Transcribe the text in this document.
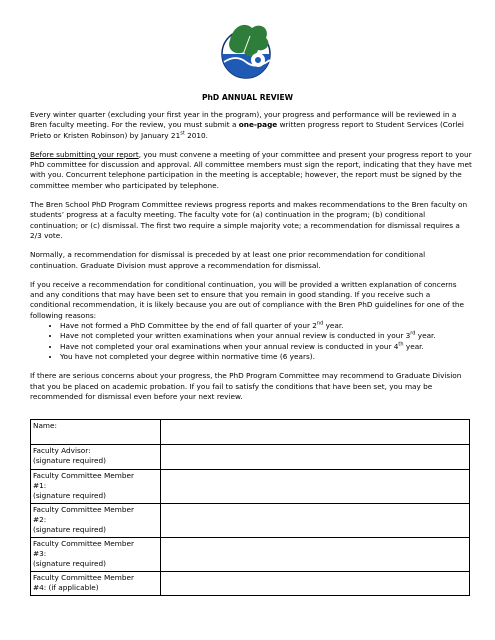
PhD ANNUAL REVIEW

Every winter quarter (excluding your first year in the program), your progress and performance will be reviewed in a Bren faculty meeting. For the review, you must submit a one-page written progress report to Student Services (Corlei Prieto or Kristen Robinson) by January 21st 2010.

Before submitting your report, you must convene a meeting of your committee and present your progress report to your PhD committee for discussion and approval. All committee members must sign the report, indicating that they have met with you. Concurrent telephone participation in the meeting is acceptable; however, the report must be signed by the committee member who participated by telephone.

The Bren School PhD Program Committee reviews progress reports and makes recommendations to the Bren faculty on students’ progress at a faculty meeting. The faculty vote for (a) continuation in the program; (b) conditional continuation; or (c) dismissal. The first two require a simple majority vote; a recommendation for dismissal requires a 2/3 vote.

Normally, a recommendation for dismissal is preceded by at least one prior recommendation for conditional continuation. Graduate Division must approve a recommendation for dismissal.

If you receive a recommendation for conditional continuation, you will be provided a written explanation of concerns and any conditions that may have been set to ensure that you remain in good standing. If you receive such a conditional recommendation, it is likely because you are out of compliance with the Bren PhD guidelines for one of the following reasons:

• Have not formed a PhD Committee by the end of fall quarter of your 2nd year.
• Have not completed your written examinations when your annual review is conducted in your 3rd year.
• Have not completed your oral examinations when your annual review is conducted in your 4th year.
• You have not completed your degree within normative time (6 years).

If there are serious concerns about your progress, the PhD Program Committee may recommend to Graduate Division that you be placed on academic probation. If you fail to satisfy the conditions that have been set, you may be recommended for dismissal even before your next review.

Name:	

Faculty Advisor:
(signature required)	

Faculty Committee Member
#1:
(signature required)	

Faculty Committee Member
#2:
(signature required)	

Faculty Committee Member
#3:
(signature required)	

Faculty Committee Member
#4: (if applicable)	
